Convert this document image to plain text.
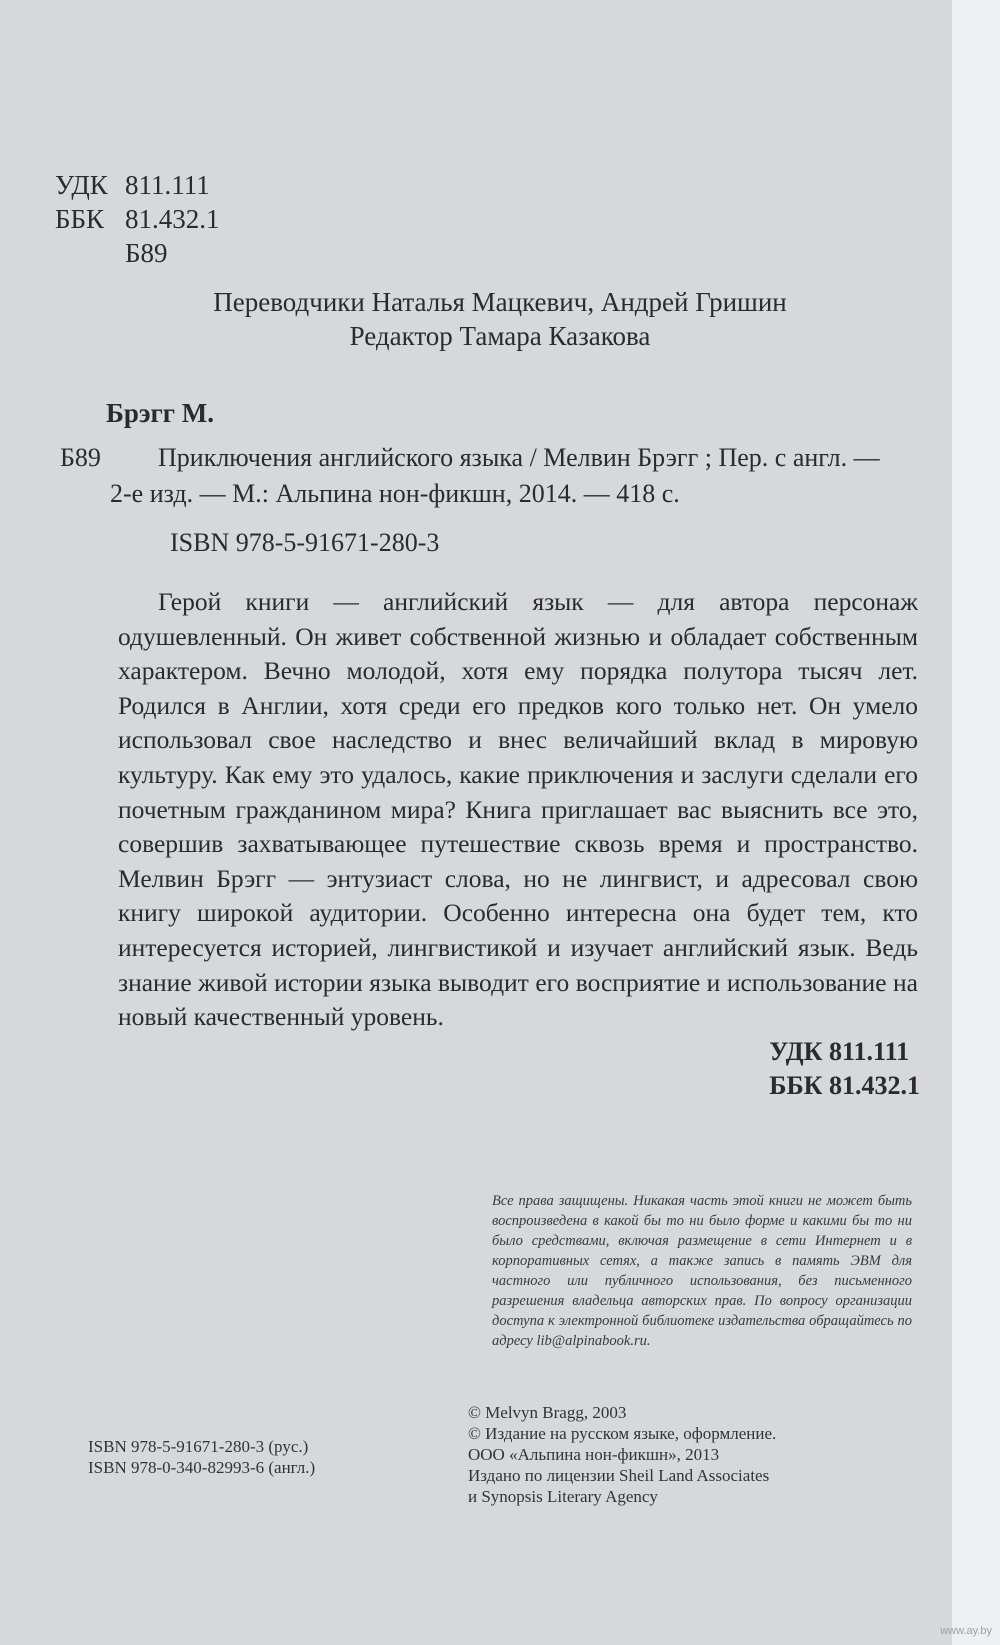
УДК 811.111
ББК 81.432.1
Б89
Переводчики Наталья Мацкевич, Андрей Гришин
Редактор Тамара Казакова
Брэгг М.
Б89 Приключения английского языка / Мелвин Брэгг ; Пер. с англ. —
2-е изд. — М.: Альпина нон-фикшн, 2014. — 418 с.
ISBN 978-5-91671-280-3
Герой книги — английский язык — для автора персонаж одушевленный. Он живет собственной жизнью и обладает собственным характером. Вечно молодой, хотя ему порядка полутора тысяч лет. Родился в Англии, хотя среди его предков кого только нет. Он умело использовал свое наследство и внес величайший вклад в мировую культуру. Как ему это удалось, какие приключения и заслуги сделали его почетным гражданином мира? Книга приглашает вас выяснить все это, совершив захватывающее путешествие сквозь время и пространство. Мелвин Брэгг — энтузиаст слова, но не лингвист, и адресовал свою книгу широкой аудитории. Особенно интересна она будет тем, кто интересуется историей, лингвистикой и изучает английский язык. Ведь знание живой истории языка выводит его восприятие и использование на новый качественный уровень.
УДК 811.111
ББК 81.432.1
Все права защищены. Никакая часть этой книги не может быть воспроизведена в какой бы то ни было форме и какими бы то ни было средствами, включая размещение в сети Интернет и в корпоративных сетях, а также запись в память ЭВМ для частного или публичного использования, без письменного разрешения владельца авторских прав. По вопросу организации доступа к электронной библиотеке издательства обращайтесь по адресу lib@alpinabook.ru.
© Melvyn Bragg, 2003
© Издание на русском языке, оформление.
ООО «Альпина нон-фикшн», 2013
Издано по лицензии Sheil Land Associates
и Synopsis Literary Agency
ISBN 978-5-91671-280-3 (рус.)
ISBN 978-0-340-82993-6 (англ.)
www.ay.by
